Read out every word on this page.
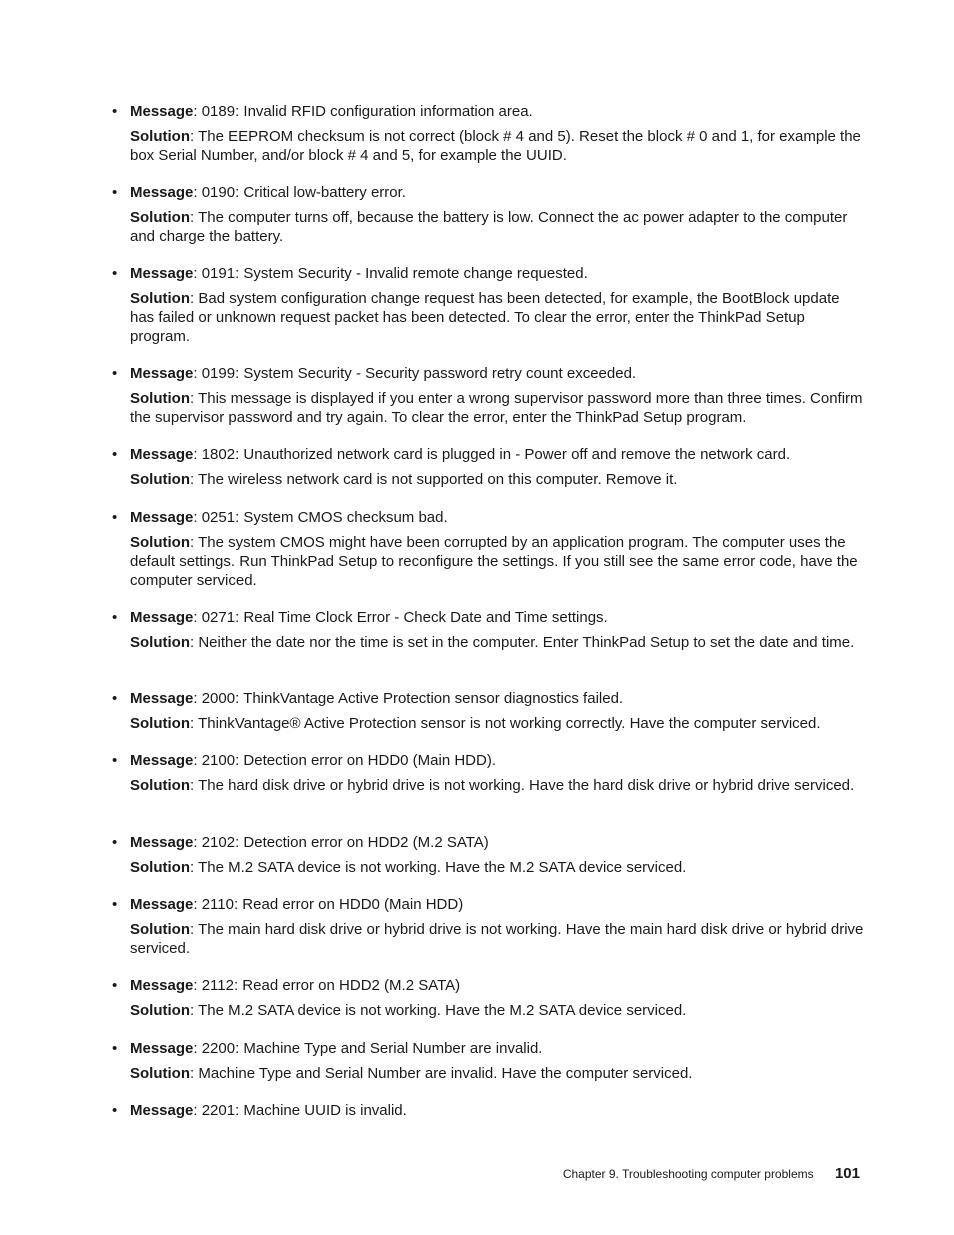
• Message: 0189: Invalid RFID configuration information area.
Solution: The EEPROM checksum is not correct (block # 4 and 5). Reset the block # 0 and 1, for example the box Serial Number, and/or block # 4 and 5, for example the UUID.
• Message: 0190: Critical low-battery error.
Solution: The computer turns off, because the battery is low. Connect the ac power adapter to the computer and charge the battery.
• Message: 0191: System Security - Invalid remote change requested.
Solution: Bad system configuration change request has been detected, for example, the BootBlock update has failed or unknown request packet has been detected. To clear the error, enter the ThinkPad Setup program.
• Message: 0199: System Security - Security password retry count exceeded.
Solution: This message is displayed if you enter a wrong supervisor password more than three times. Confirm the supervisor password and try again. To clear the error, enter the ThinkPad Setup program.
• Message: 1802: Unauthorized network card is plugged in - Power off and remove the network card.
Solution: The wireless network card is not supported on this computer. Remove it.
• Message: 0251: System CMOS checksum bad.
Solution: The system CMOS might have been corrupted by an application program. The computer uses the default settings. Run ThinkPad Setup to reconfigure the settings. If you still see the same error code, have the computer serviced.
• Message: 0271: Real Time Clock Error - Check Date and Time settings.
Solution: Neither the date nor the time is set in the computer. Enter ThinkPad Setup to set the date and time.
• Message: 2000: ThinkVantage Active Protection sensor diagnostics failed.
Solution: ThinkVantage® Active Protection sensor is not working correctly. Have the computer serviced.
• Message: 2100: Detection error on HDD0 (Main HDD).
Solution: The hard disk drive or hybrid drive is not working. Have the hard disk drive or hybrid drive serviced.
• Message: 2102: Detection error on HDD2 (M.2 SATA)
Solution: The M.2 SATA device is not working. Have the M.2 SATA device serviced.
• Message: 2110: Read error on HDD0 (Main HDD)
Solution: The main hard disk drive or hybrid drive is not working. Have the main hard disk drive or hybrid drive serviced.
• Message: 2112: Read error on HDD2 (M.2 SATA)
Solution: The M.2 SATA device is not working. Have the M.2 SATA device serviced.
• Message: 2200: Machine Type and Serial Number are invalid.
Solution: Machine Type and Serial Number are invalid. Have the computer serviced.
• Message: 2201: Machine UUID is invalid.
Chapter 9. Troubleshooting computer problems 101
